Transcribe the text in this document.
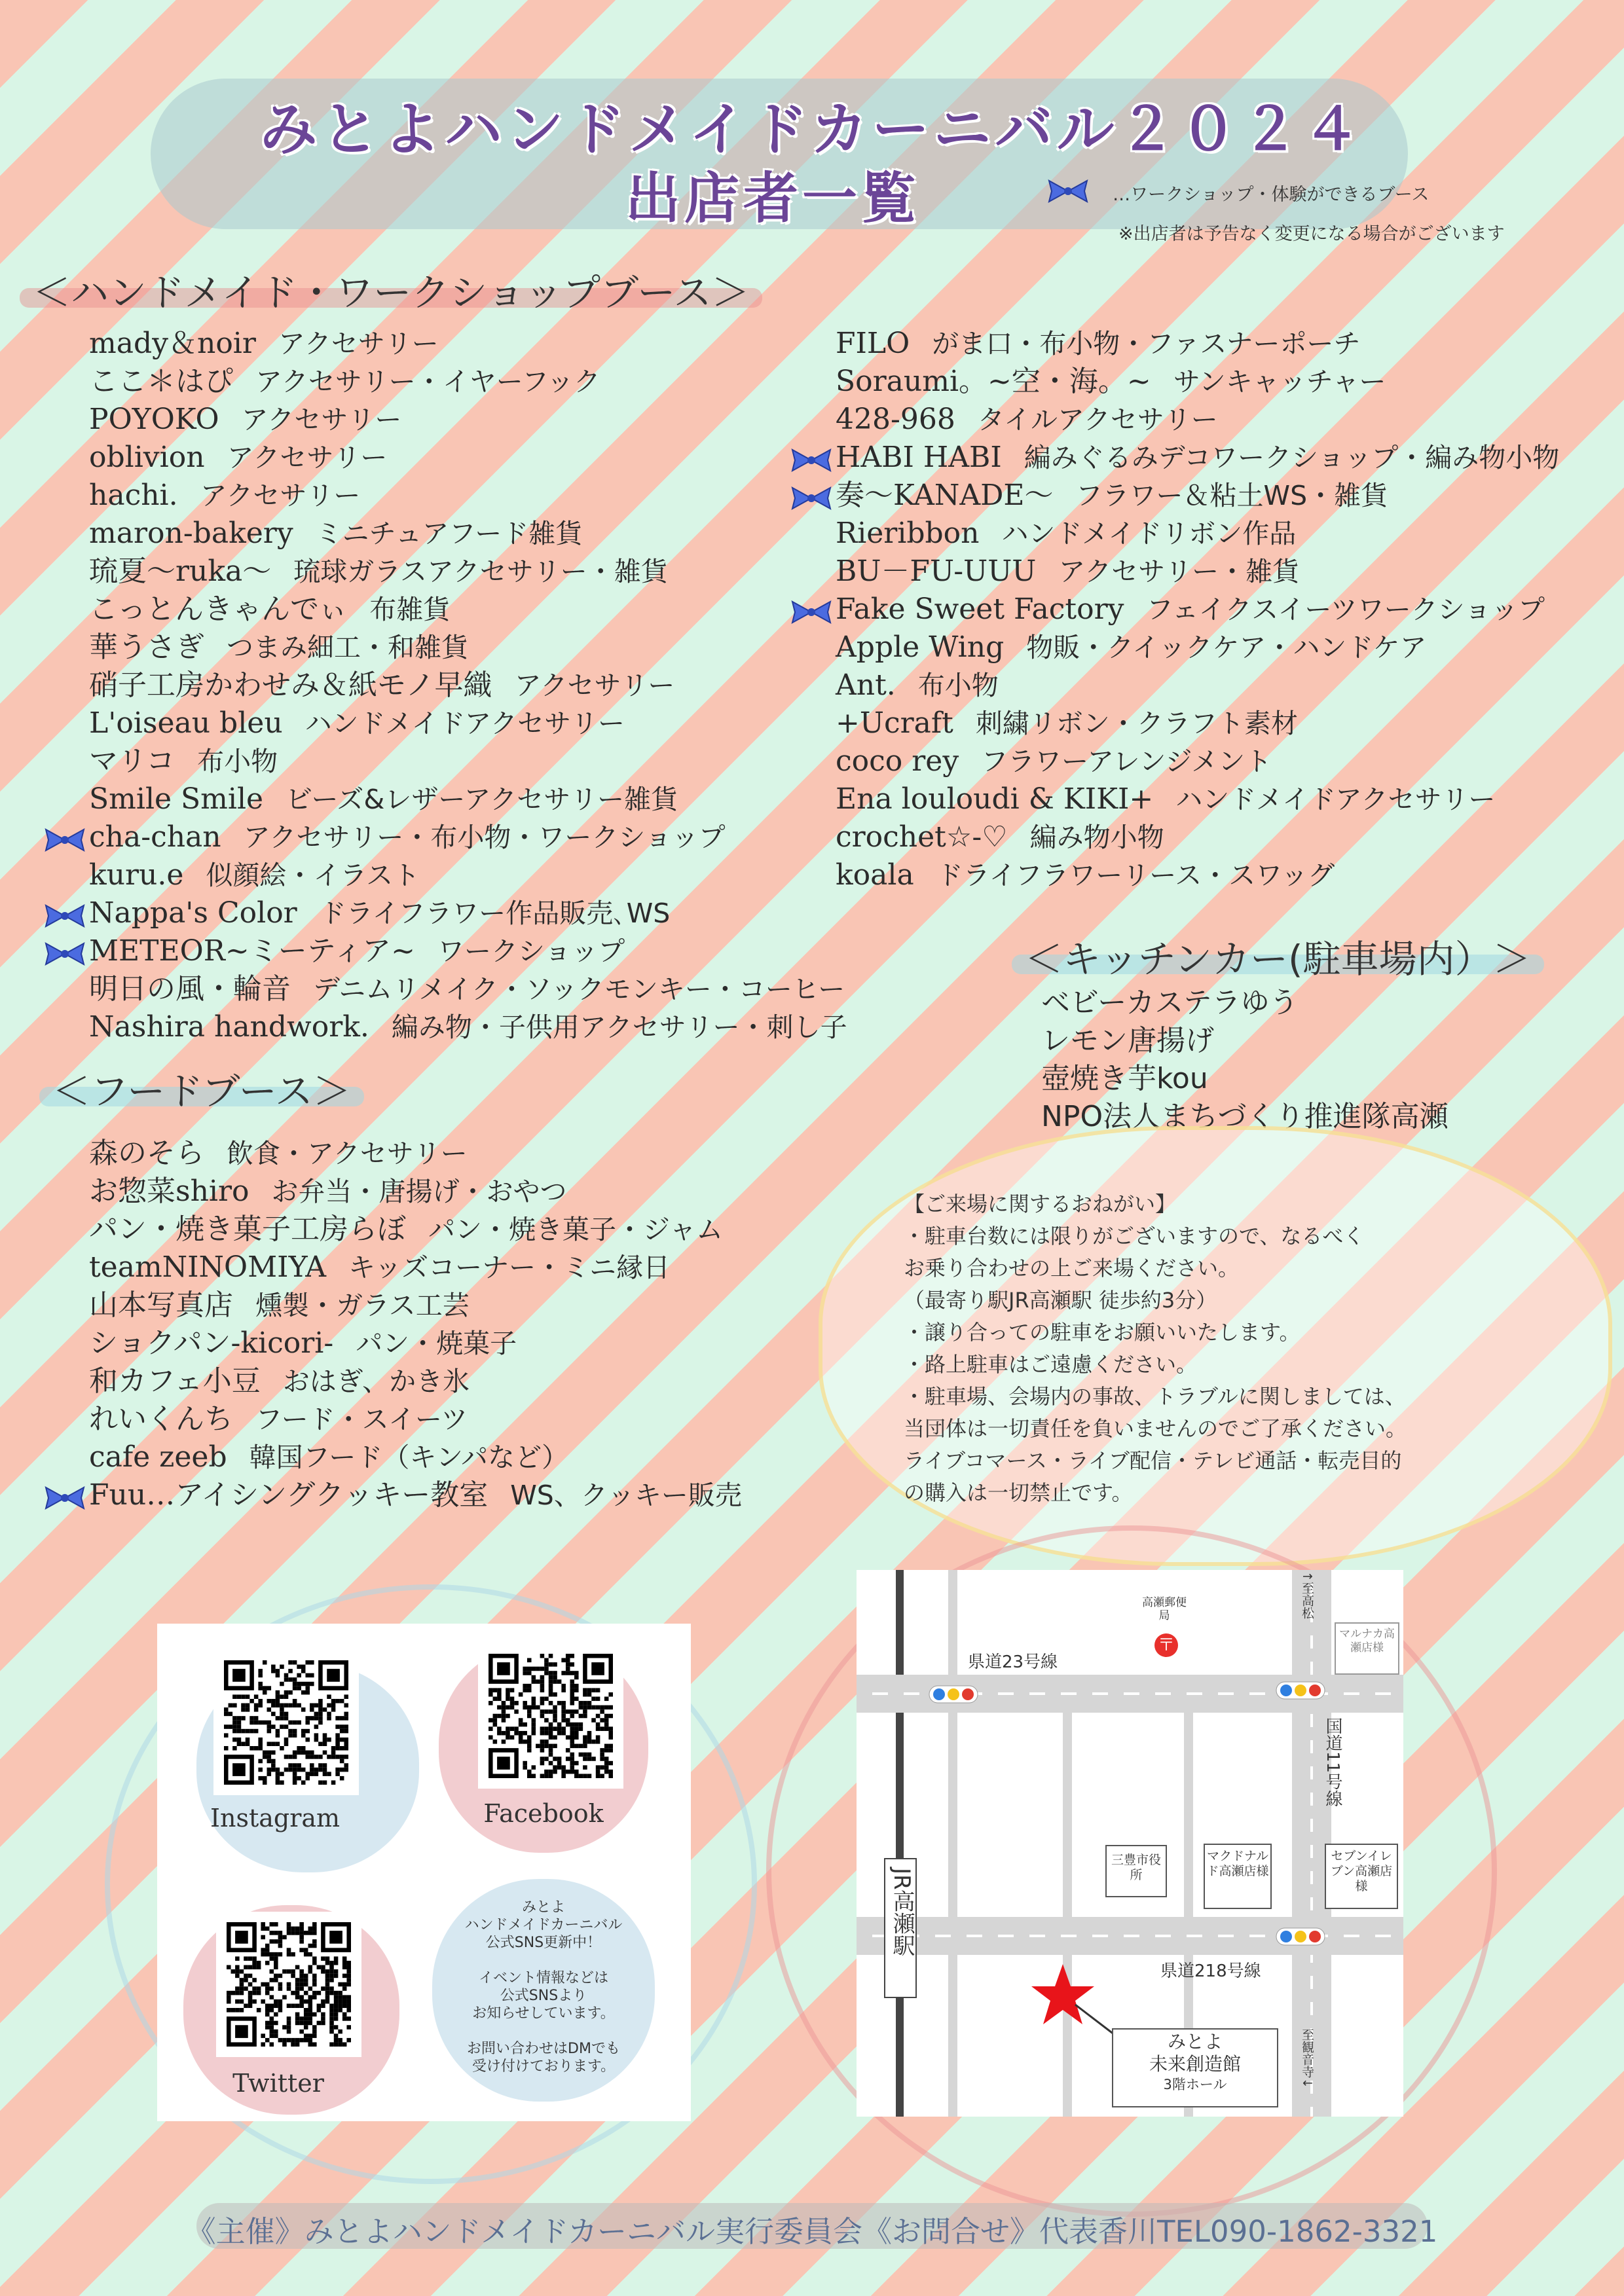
みとよハンドメイドカーニバル２０２４
出店者一覧	…ワークショップ・体験ができるブース
※出店者は予告なく変更になる場合がございます
＜ハンドメイド・ワークショップブース＞
mady＆noir アクセサリー
ここ＊はぴ アクセサリー・イヤーフック
POYOKO アクセサリー
oblivion アクセサリー
hachi. アクセサリー
maron-bakery ミニチュアフード雑貨
琉夏〜ruka〜 琉球ガラスアクセサリー・雑貨
こっとんきゃんでぃ 布雑貨
華うさぎ つまみ細工・和雑貨
硝子工房かわせみ＆紙モノ早織 アクセサリー
L'oiseau bleu ハンドメイドアクセサリー
マリコ 布小物
Smile Smile ビーズ&レザーアクセサリー雑貨
cha-chan アクセサリー・布小物・ワークショップ
kuru.e 似顔絵・イラスト
Nappa's Color ドライフラワー作品販売､WS
METEOR~ミーティア~ ワークショップ
明日の風・輪音 デニムリメイク・ソックモンキー・コーヒー
Nashira handwork. 編み物・子供用アクセサリー・刺し子
FILO がま口・布小物・ファスナーポーチ
Soraumi。~空・海。~ サンキャッチャー
428-968 タイルアクセサリー
HABI HABI 編みぐるみデコワークショップ・編み物小物
奏〜KANADE〜 フラワー＆粘土WS・雑貨
Rieribbon ハンドメイドリボン作品
BU－FU-UUU アクセサリー・雑貨
Fake Sweet Factory フェイクスイーツワークショップ
Apple Wing 物販・クイックケア・ハンドケア
Ant. 布小物
+Ucraft 刺繍リボン・クラフト素材
coco rey フラワーアレンジメント
Ena louloudi & KIKI+ ハンドメイドアクセサリー
crochet☆-♡ 編み物小物
koala ドライフラワーリース・スワッグ
＜フードブース＞
森のそら 飲食・アクセサリー
お惣菜shiro お弁当・唐揚げ・おやつ
パン・焼き菓子工房らぼ パン・焼き菓子・ジャム
teamNINOMIYA キッズコーナー・ミニ縁日
山本写真店 燻製・ガラス工芸
ショクパン-kicori- パン・焼菓子
和カフェ小豆 おはぎ、かき氷
れいくんち フード・スイーツ
cafe zeeb 韓国フード（キンパなど）
Fuu…アイシングクッキー教室 WS、クッキー販売
＜キッチンカー(駐車場内）＞
ベビーカステラゆう
レモン唐揚げ
壺焼き芋kou
NPO法人まちづくり推進隊高瀬
【ご来場に関するおねがい】
・駐車台数には限りがございますので、なるべく
お乗り合わせの上ご来場ください。
（最寄り駅JR高瀬駅 徒歩約3分）
・譲り合っての駐車をお願いいたします。
・路上駐車はご遠慮ください。
・駐車場、会場内の事故、トラブルに関しましては、
当団体は一切責任を負いませんのでご了承ください。
ライブコマース・ライブ配信・テレビ通話・転売目的
の購入は一切禁止です。
Instagram	Facebook
Twitter
みとよ
ハンドメイドカーニバル
公式SNS更新中！

イベント情報などは
公式SNSより
お知らせしています。

お問い合わせはDMでも
受け付けております。
JR高瀬駅
県道23号線
県道218号線
国道11号線
↑至高松
至観音寺↓
高瀬郵便局
〒
マルナカ高瀬店様
三豊市役所
マクドナルド高瀬店様
セブンイレブン高瀬店様
みとよ
未来創造館
3階ホール
《主催》みとよハンドメイドカーニバル実行委員会《お問合せ》代表香川TEL090-1862-3321
